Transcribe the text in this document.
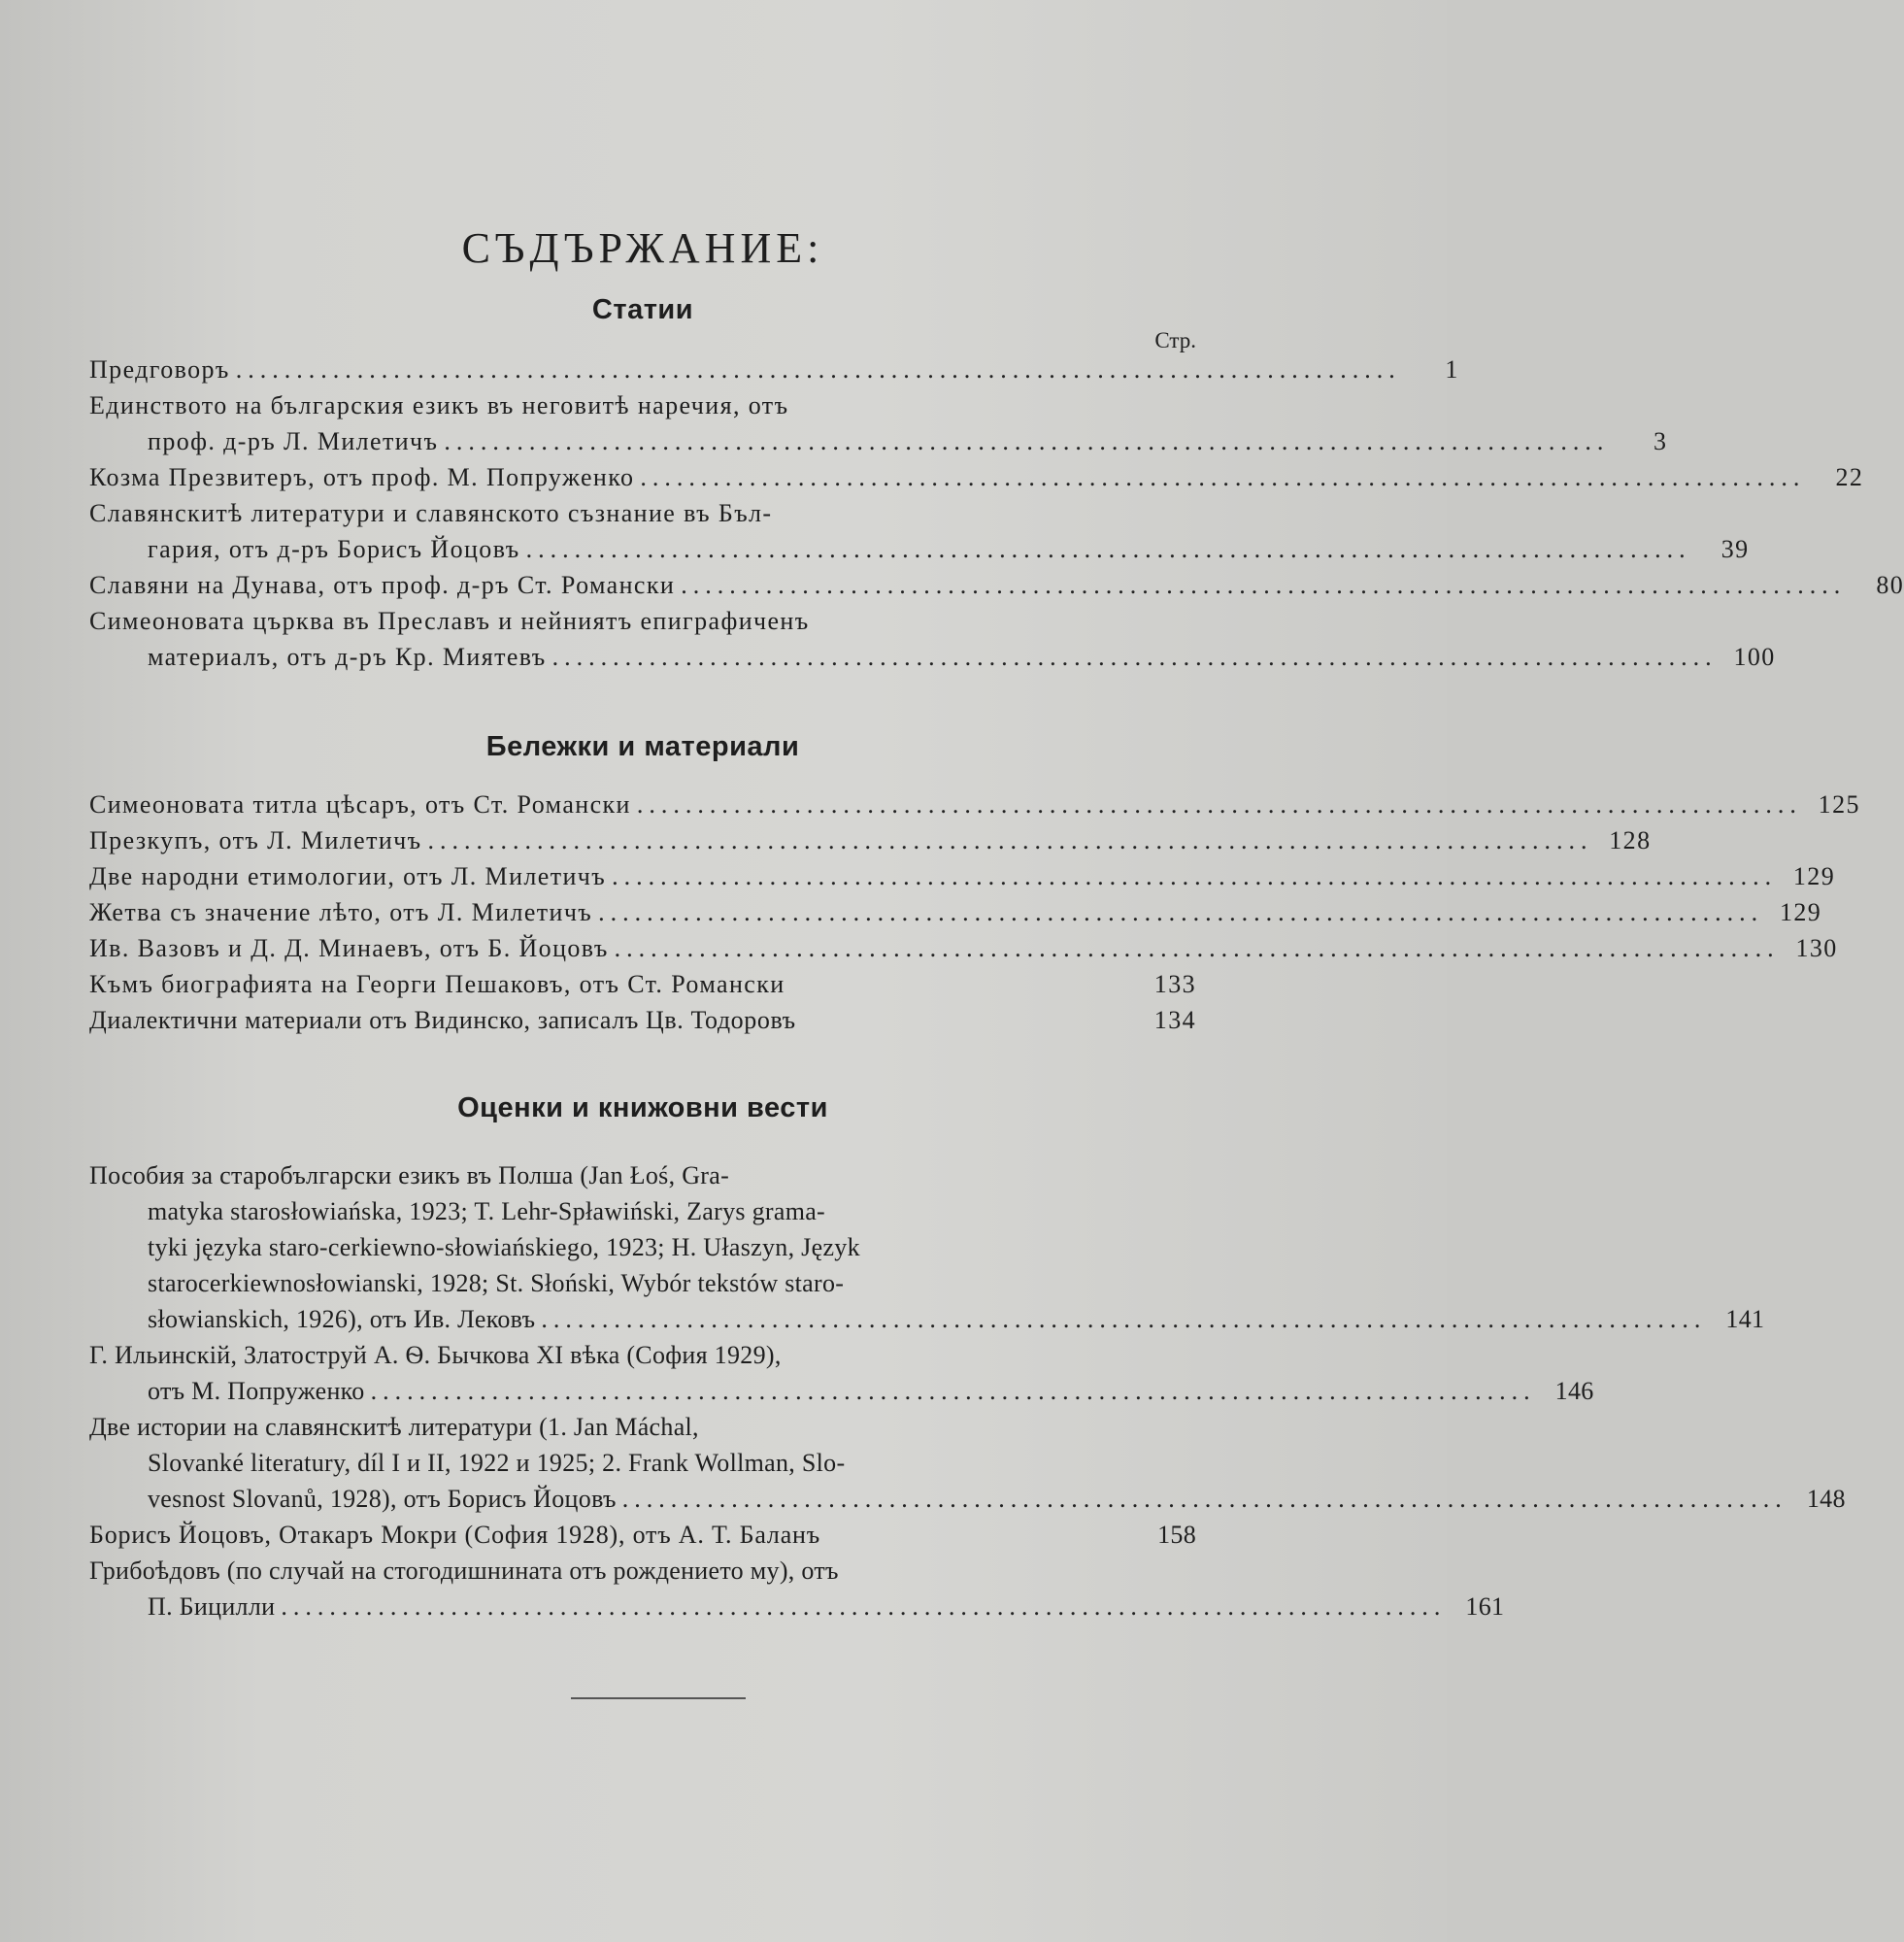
СЪДЪРЖАНИЕ:
Статии
Стр.
Предговоръ ................................................................................................	1
Единството на българския езикъ въ неговитѣ наречия, отъ
проф. д-ръ Л. Милетичъ ................................................................................................	3
Козма Презвитеръ, отъ проф. М. Попруженко ................................................................................................	22
Славянскитѣ литератури и славянското съзнание въ Бъл-
гария, отъ д-ръ Борисъ Йоцовъ ................................................................................................	39
Славяни на Дунава, отъ проф. д-ръ Ст. Романски ................................................................................................	80
Симеоновата църква въ Преславъ и нейниятъ епиграфиченъ
материалъ, отъ д-ръ Кр. Миятевъ ................................................................................................ 100
Бележки и материали
Симеоновата титла цѣсаръ, отъ Ст. Романски ................................................................................................ 125
Презкупъ, отъ Л. Милетичъ ................................................................................................ 128
Две народни етимологии, отъ Л. Милетичъ ................................................................................................ 129
Жетва съ значение лѣто, отъ Л. Милетичъ ................................................................................................ 129
Ив. Вазовъ и Д. Д. Минаевъ, отъ Б. Йоцовъ ................................................................................................ 130
Къмъ биографията на Георги Пешаковъ, отъ Ст. Романски	133
Диалектични материали отъ Видинско, записалъ Цв. Тодоровъ	134
Оценки и книжовни вести
Пособия за старобългарски езикъ въ Полша (Jan Łoś, Gra-
matyka starosłowiańska, 1923; T. Lehr-Spławiński, Zarys grama-
tyki języka staro-cerkiewno-słowiańskiego, 1923; H. Ułaszyn, Język
starocerkiewnosłowianski, 1928; St. Słoński, Wybór tekstów staro-
słowianskich, 1926), отъ Ив. Лековъ ................................................................................................ 141
Г. Ильинскій, Златоструй А. Ѳ. Бычкова XI вѣка (София 1929),
отъ М. Попруженко ................................................................................................ 146
Две истории на славянскитѣ литератури (1. Jan Máchal,
Slovanké literatury, díl I и II, 1922 и 1925; 2. Frank Wollman, Slo-
vesnost Slovanů, 1928), отъ Борисъ Йоцовъ ................................................................................................ 148
Борисъ Йоцовъ, Отакаръ Мокри (София 1928), отъ А. Т. Баланъ	158
Грибоѣдовъ (по случай на стогодишнината отъ рождението му), отъ
П. Бицилли ................................................................................................ 161
